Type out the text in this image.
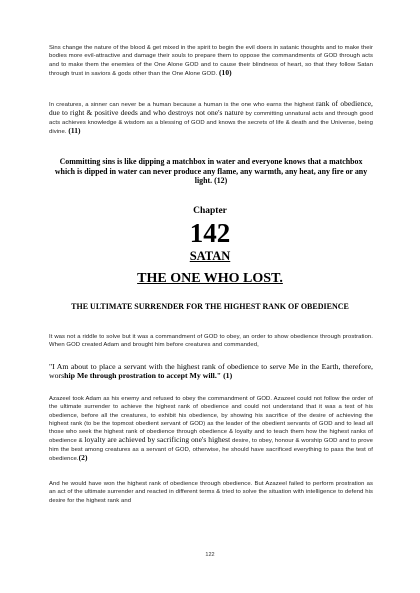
Sins change the nature of the blood & get mixed in the spirit to begin the evil doers in satanic thoughts and to make their bodies more evil-attractive and damage their souls to prepare them to oppose the commandments of GOD through acts and to make them the enemies of the One Alone GOD and to cause their blindness of heart, so that they follow Satan through trust in saviors & gods other than the One Alone GOD. (10)

In creatures, a sinner can never be a human because a human is the one who earns the highest rank of obedience, due to right & positive deeds and who destroys not one's nature by committing unnatural acts and through good acts achieves knowledge & wisdom as a blessing of GOD and knows the secrets of life & death and the Universe, being divine. (11)

Committing sins is like dipping a matchbox in water and everyone knows that a matchbox which is dipped in water can never produce any flame, any warmth, any heat, any fire or any light. (12)

Chapter
142
SATAN
THE ONE WHO LOST.
THE ULTIMATE SURRENDER FOR THE HIGHEST RANK OF OBEDIENCE

It was not a riddle to solve but it was a commandment of GOD to obey, an order to show obedience through prostration. When GOD created Adam and brought him before creatures and commanded,

"I Am about to place a servant with the highest rank of obedience to serve Me in the Earth, therefore, worship Me through prostration to accept My will." (1)

Azazeel took Adam as his enemy and refused to obey the commandment of GOD. Azazeel could not follow the order of the ultimate surrender to achieve the highest rank of obedience and could not understand that it was a test of his obedience, before all the creatures, to exhibit his obedience, by showing his sacrifice of the desire of achieving the highest rank (to be the topmost obedient servant of GOD) as the leader of the obedient servants of GOD and to lead all those who seek the highest rank of obedience through obedience & loyalty and to teach them how the highest ranks of obedience & loyalty are achieved by sacrificing one's highest desire, to obey, honour & worship GOD and to prove him the best among creatures as a servant of GOD, otherwise, he should have sacrificed everything to pass the test of obedience.(2)

And he would have won the highest rank of obedience through obedience. But Azazeel failed to perform prostration as an act of the ultimate surrender and reacted in different terms & tried to solve the situation with intelligence to defend his desire for the highest rank and

122
